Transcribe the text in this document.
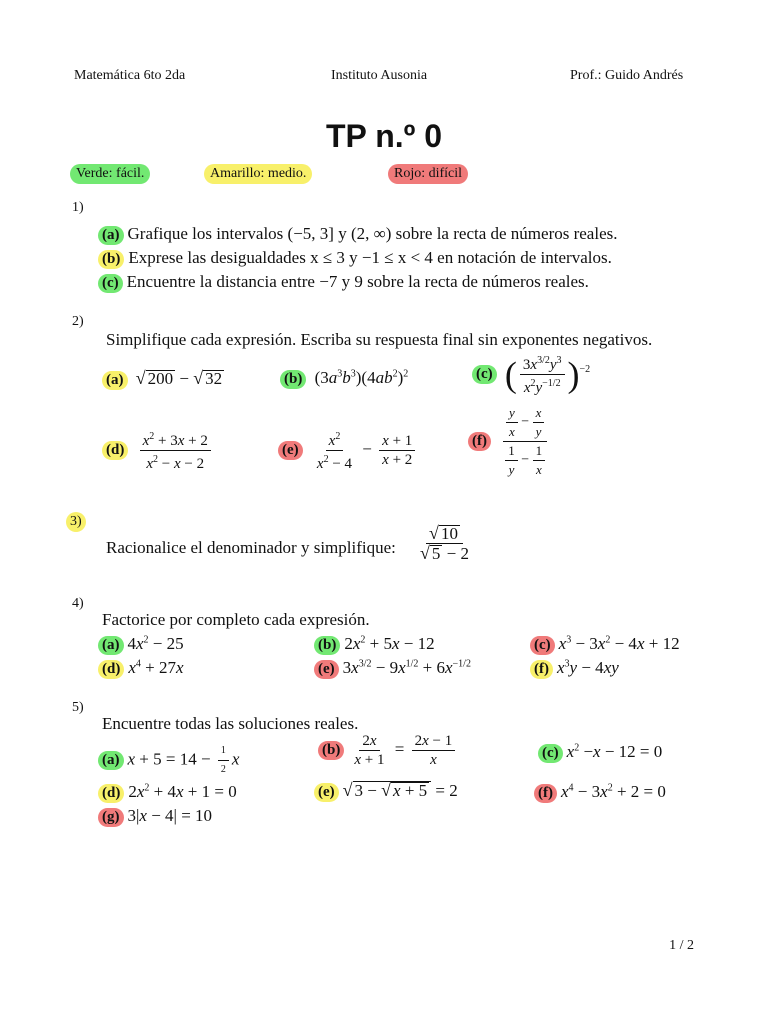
Matemática 6to 2da	Instituto Ausonia	Prof.: Guido Andrés
TP n.º 0
Verde: fácil.	Amarillo: medio.	Rojo: difícil
1)
(a) Grafique los intervalos (−5, 3] y (2, ∞) sobre la recta de números reales.
(b) Exprese las desigualdades x ≤ 3 y −1 ≤ x < 4 en notación de intervalos.
(c) Encuentre la distancia entre −7 y 9 sobre la recta de números reales.
2)
Simplifique cada expresión. Escriba su respuesta final sin exponentes negativos.
(a) √ 200 − √ 32	(b) $(3a^3b^3)(4ab^2)^2$	(c) ( $\frac{3x^{3/2}y^3}{x^2y^{-1/2}} )^{-2}$
$(d) \frac{x^2 + 3x + 2}{x^2 - x - 2}$	$(e) \frac{x^2}{x^2 - 4} - \frac{x + 1}{x + 2}$	$(f) \frac{\frac{y}{x} - \frac{x}{y}}{\frac{1}{y} - \frac{1}{x}}$
3)
Racionalice el denominador y simplifique: $\frac{√ 10}{√ 5 - 2}$
4)
Factorice por completo cada expresión.
(a) $4x^2 - 25$	(b) $2x^2 + 5x - 12$	(c) $x^3 - 3x^2 - 4x + 12$
(d) $x^4 + 27x$	(e) $3x^{3/2} - 9x^{1/2} + 6x^{-1/2}$	(f) $x^3y - 4xy$
5)
Encuentre todas las soluciones reales.
(a) $x + 5 = 14 - \frac{1}{2}$ x	$(b) \frac{2x}{x + 1} = \frac{2x - 1}{x}$	(c) $x^2 -x - 12 = 0$
(d) $2x^2 + 4x + 1 = 0$	(e) √ 3 − √ x + 5 = 2	(f) $x^4 - 3x^2 + 2 = 0$
(g) 3|x − 4| = 10
1 / 2
